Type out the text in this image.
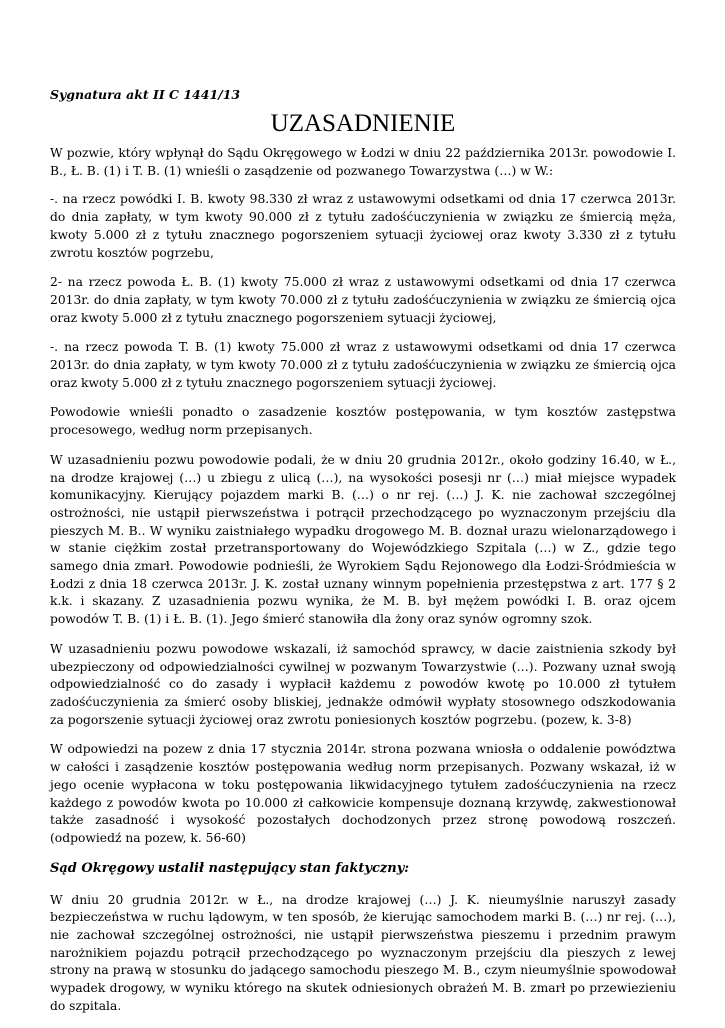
Sygnatura akt II C 1441/13
UZASADNIENIE

W pozwie, który wpłynął do Sądu Okręgowego w Łodzi w dniu 22 października 2013r. powodowie I. B., Ł. B. (1) i T. B. (1) wnieśli o zasądzenie od pozwanego Towarzystwa (…) w W.:

-. na rzecz powódki I. B. kwoty 98.330 zł wraz z ustawowymi odsetkami od dnia 17 czerwca 2013r. do dnia zapłaty, w tym kwoty 90.000 zł z tytułu zadośćuczynienia w związku ze śmiercią męża, kwoty 5.000 zł z tytułu znacznego pogorszeniem sytuacji życiowej oraz kwoty 3.330 zł z tytułu zwrotu kosztów pogrzebu,

2- na rzecz powoda Ł. B. (1) kwoty 75.000 zł wraz z ustawowymi odsetkami od dnia 17 czerwca 2013r. do dnia zapłaty, w tym kwoty 70.000 zł z tytułu zadośćuczynienia w związku ze śmiercią ojca oraz kwoty 5.000 zł z tytułu znacznego pogorszeniem sytuacji życiowej,

-. na rzecz powoda T. B. (1) kwoty 75.000 zł wraz z ustawowymi odsetkami od dnia 17 czerwca 2013r. do dnia zapłaty, w tym kwoty 70.000 zł z tytułu zadośćuczynienia w związku ze śmiercią ojca oraz kwoty 5.000 zł z tytułu znacznego pogorszeniem sytuacji życiowej.

Powodowie wnieśli ponadto o zasadzenie kosztów postępowania, w tym kosztów zastępstwa procesowego, według norm przepisanych.

W uzasadnieniu pozwu powodowie podali, że w dniu 20 grudnia 2012r., około godziny 16.40, w Ł., na drodze krajowej (…) u zbiegu z ulicą (…), na wysokości posesji nr (…) miał miejsce wypadek komunikacyjny. Kierujący pojazdem marki B. (…) o nr rej. (…) J. K. nie zachował szczególnej ostrożności, nie ustąpił pierwszeństwa i potrącił przechodzącego po wyznaczonym przejściu dla pieszych M. B.. W wyniku zaistniałego wypadku drogowego M. B. doznał urazu wielonarządowego i w stanie ciężkim został przetransportowany do Wojewódzkiego Szpitala (…) w Z., gdzie tego samego dnia zmarł. Powodowie podnieśli, że Wyrokiem Sądu Rejonowego dla Łodzi-Śródmieścia w Łodzi z dnia 18 czerwca 2013r. J. K. został uznany winnym popełnienia przestępstwa z art. 177 § 2 k.k. i skazany. Z uzasadnienia pozwu wynika, że M. B. był mężem powódki I. B. oraz ojcem powodów T. B. (1) i Ł. B. (1). Jego śmierć stanowiła dla żony oraz synów ogromny szok.

W uzasadnieniu pozwu powodowe wskazali, iż samochód sprawcy, w dacie zaistnienia szkody był ubezpieczony od odpowiedzialności cywilnej w pozwanym Towarzystwie (…). Pozwany uznał swoją odpowiedzialność co do zasady i wypłacił każdemu z powodów kwotę po 10.000 zł tytułem zadośćuczynienia za śmierć osoby bliskiej, jednakże odmówił wypłaty stosownego odszkodowania za pogorszenie sytuacji życiowej oraz zwrotu poniesionych kosztów pogrzebu. (pozew, k. 3-8)

W odpowiedzi na pozew z dnia 17 stycznia 2014r. strona pozwana wniosła o oddalenie powództwa w całości i zasądzenie kosztów postępowania według norm przepisanych. Pozwany wskazał, iż w jego ocenie wypłacona w toku postępowania likwidacyjnego tytułem zadośćuczynienia na rzecz każdego z powodów kwota po 10.000 zł całkowicie kompensuje doznaną krzywdę, zakwestionował także zasadność i wysokość pozostałych dochodzonych przez stronę powodową roszczeń.(odpowiedź na pozew, k. 56-60)

Sąd Okręgowy ustalił następujący stan faktyczny:

W dniu 20 grudnia 2012r. w Ł., na drodze krajowej (…) J. K. nieumyślnie naruszył zasady bezpieczeństwa w ruchu lądowym, w ten sposób, że kierując samochodem marki B. (…) nr rej. (…), nie zachował szczególnej ostrożności, nie ustąpił pierwszeństwa pieszemu i przednim prawym narożnikiem pojazdu potrącił przechodzącego po wyznaczonym przejściu dla pieszych z lewej strony na prawą w stosunku do jadącego samochodu pieszego M. B., czym nieumyślnie spowodował wypadek drogowy, w wyniku którego na skutek odniesionych obrażeń M. B. zmarł po przewiezieniu do szpitala.
